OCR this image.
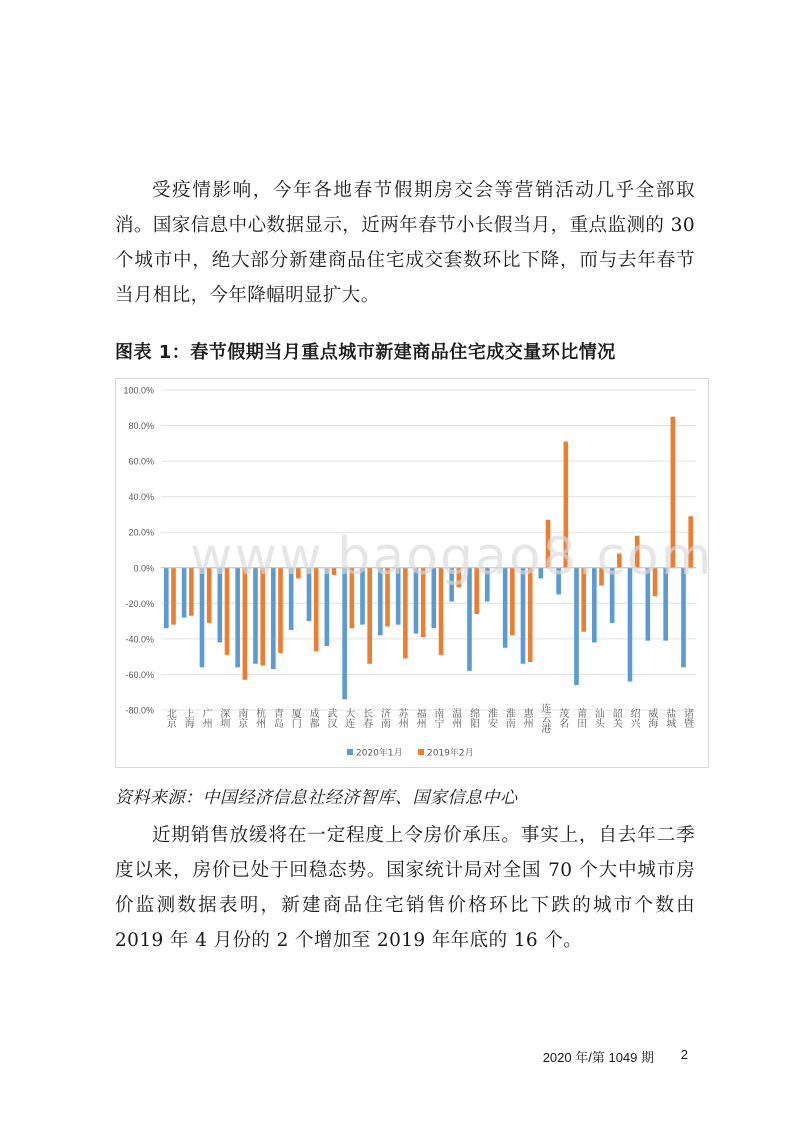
受疫情影响，今年各地春节假期房交会等营销活动几乎全部取消。国家信息中心数据显示，近两年春节小长假当月，重点监测的 30 个城市中，绝大部分新建商品住宅成交套数环比下降，而与去年春节当月相比，今年降幅明显扩大。

图表 1：春节假期当月重点城市新建商品住宅成交量环比情况

100.0%
80.0%
60.0%
40.0%
20.0%
0.0%
-20.0%
-40.0%
-60.0%
-80.0% 北京 上海 广州 深圳 南京 杭州 青岛 厦门 成都 武汉 大连 长春 济南 苏州 福州 南宁 温州 绵阳 淮安 淮南 惠州 连云港 茂名 莆田 汕头 韶关 绍兴 威海 盐城 诸暨
2020年1月	2019年2月
www.baogao8.com

资料来源：中国经济信息社经济智库、国家信息中心

近期销售放缓将在一定程度上令房价承压。事实上，自去年二季度以来，房价已处于回稳态势。国家统计局对全国 70 个大中城市房价监测数据表明，新建商品住宅销售价格环比下跌的城市个数由 2019 年 4 月份的 2 个增加至 2019 年年底的 16 个。

2020 年/第 1049 期 2
